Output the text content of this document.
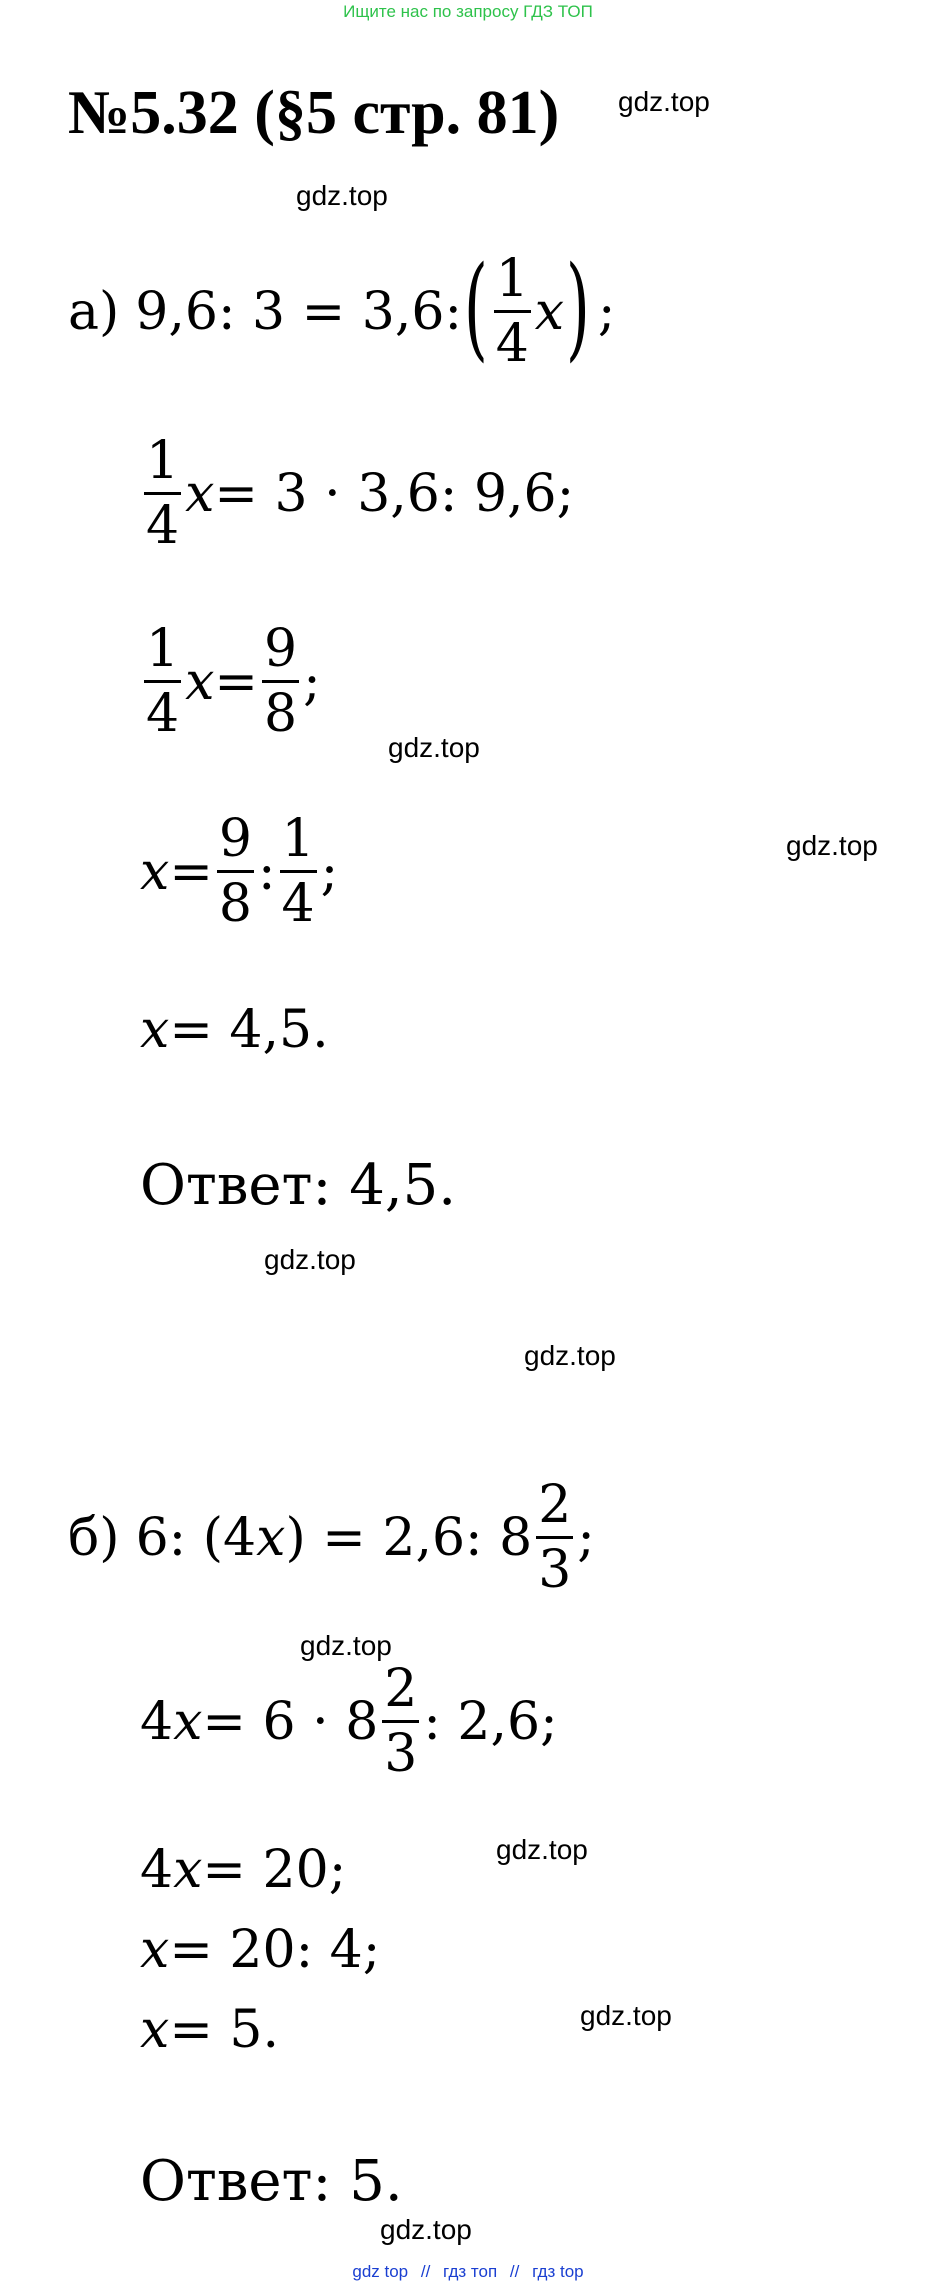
Ищите нас по запросу ГДЗ ТОП
№5.32 (§5 стр. 81) gdz.top
gdz.top
gdz.top
gdz.top
gdz.top
gdz.top
gdz.top
gdz.top
gdz.top
gdz.top
а) 9,6: 3 = 3,6: ( $\frac{1}{4}$ x ) ;
$\frac{1}{4}$ x = 3 · 3,6: 9,6;
$\frac{1}{4}$ $x = \frac{9}{8}$ ;
$x = \frac{9}{8}$ : $\frac{1}{4}$ ;
x = 4,5.
Ответ: 4,5.
б) 6: (4 x ) = 2,6: $8 \frac{2}{3}$ ;
4 $x = 6 \cdot 8 \frac{2}{3}$ : 2,6;
4 x = 20;
x = 20: 4;
x = 5.
Ответ: 5.
gdz top // гдз топ // гдз top
